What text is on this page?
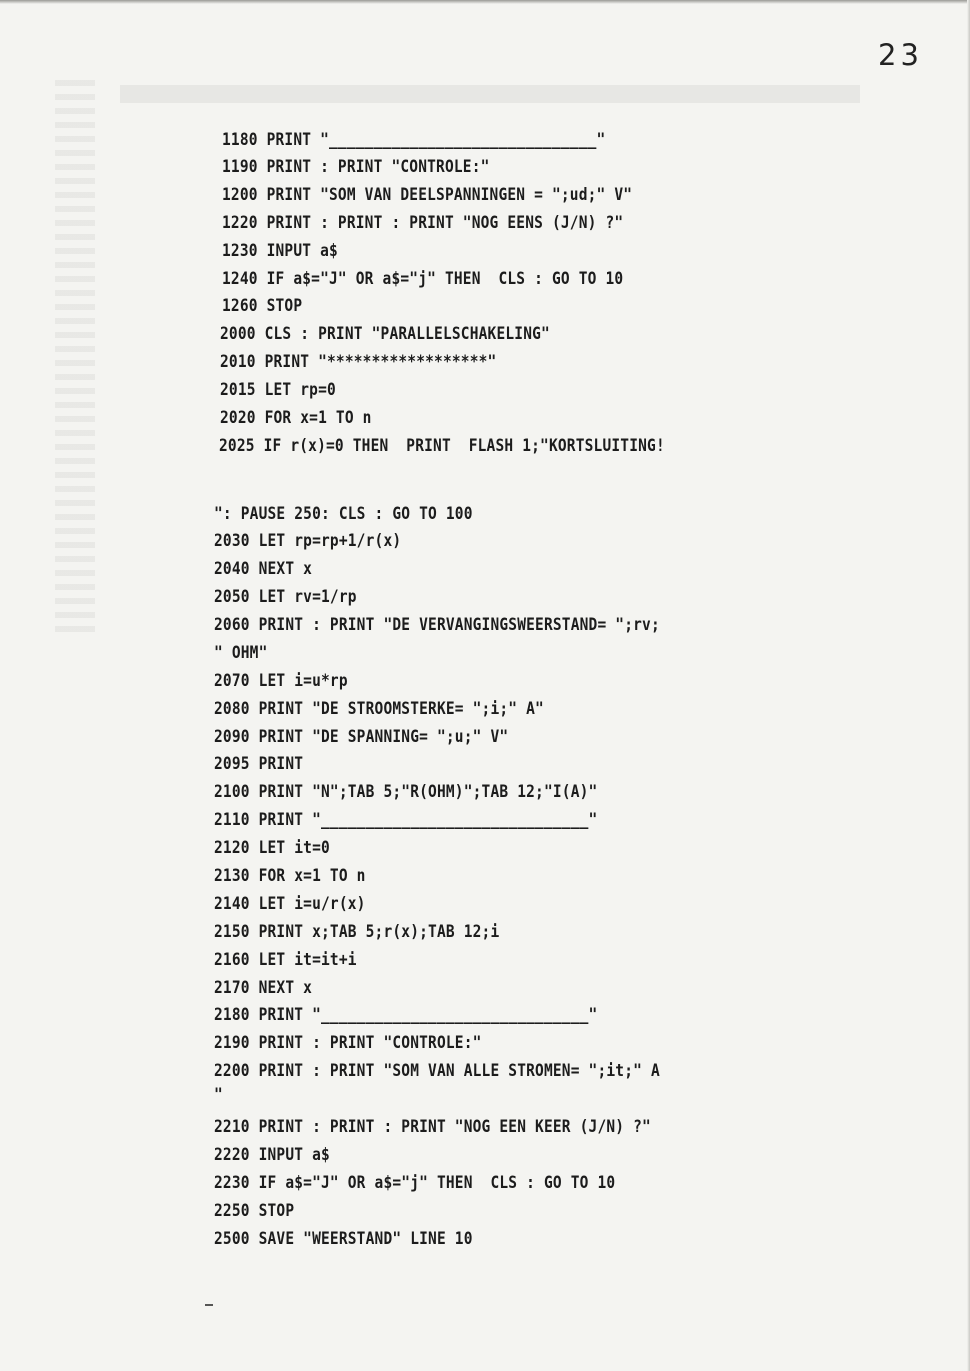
23
1180 PRINT "______________________________"
1190 PRINT : PRINT "CONTROLE:"
1200 PRINT "SOM VAN DEELSPANNINGEN = ";ud;" V"
1220 PRINT : PRINT : PRINT "NOG EENS (J/N) ?"
1230 INPUT a$
1240 IF a$="J" OR a$="j" THEN  CLS : GO TO 10
1260 STOP
2000 CLS : PRINT "PARALLELSCHAKELING"
2010 PRINT "******************"
2015 LET rp=0
2020 FOR x=1 TO n
2025 IF r(x)=0 THEN  PRINT  FLASH 1;"KORTSLUITING!
": PAUSE 250: CLS : GO TO 100
2030 LET rp=rp+1/r(x)
2040 NEXT x
2050 LET rv=1/rp
2060 PRINT : PRINT "DE VERVANGINGSWEERSTAND= ";rv;
" OHM"
2070 LET i=u*rp
2080 PRINT "DE STROOMSTERKE= ";i;" A"
2090 PRINT "DE SPANNING= ";u;" V"
2095 PRINT
2100 PRINT "N";TAB 5;"R(OHM)";TAB 12;"I(A)"
2110 PRINT "______________________________"
2120 LET it=0
2130 FOR x=1 TO n
2140 LET i=u/r(x)
2150 PRINT x;TAB 5;r(x);TAB 12;i
2160 LET it=it+i
2170 NEXT x
2180 PRINT "______________________________"
2190 PRINT : PRINT "CONTROLE:"
2200 PRINT : PRINT "SOM VAN ALLE STROMEN= ";it;" A
"
2210 PRINT : PRINT : PRINT "NOG EEN KEER (J/N) ?"
2220 INPUT a$
2230 IF a$="J" OR a$="j" THEN  CLS : GO TO 10
2250 STOP
2500 SAVE "WEERSTAND" LINE 10
